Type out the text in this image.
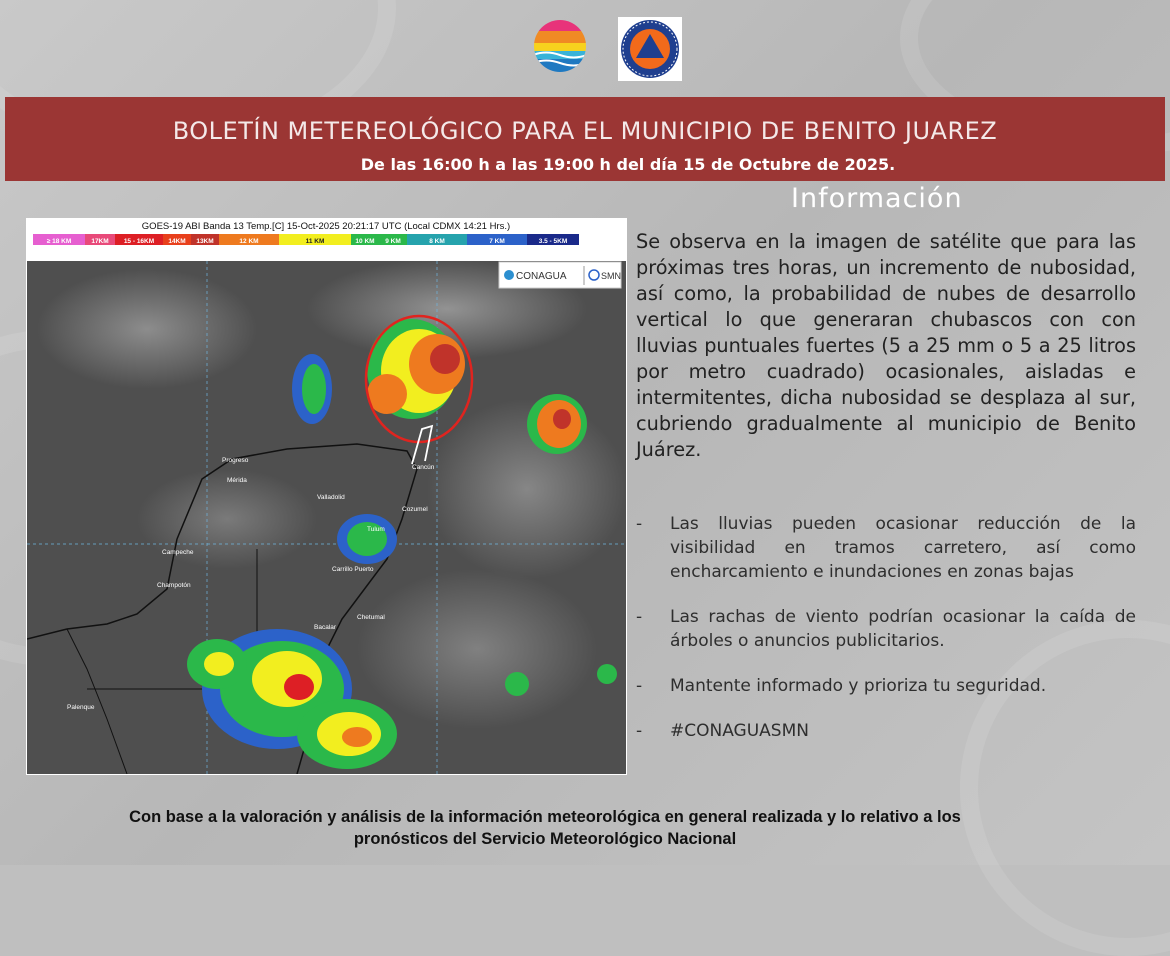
BOLETÍN METEREOLÓGICO PARA EL MUNICIPIO DE BENITO JUAREZ
De las 16:00 h a las 19:00 h del día 15 de Octubre de 2025.
GOES-19 ABI Banda 13 Temp.[C] 15-Oct-2025 20:21:17 UTC (Local CDMX 14:21 Hrs.)
≥ 18 KM	17KM 15 - 16KM 14KM 13KM	12 KM	11 KM	10 KM 9 KM	8 KM	7 KM	3.5 - 5KM
CONAGUA	SMN
Progreso
Mérida
Valladolid
Cancún
Cozumel
Tulum
Campeche
Champotón
Carrillo Puerto
Bacalar
Chetumal
Palenque
Información
Se observa en la imagen de satélite que para las próximas tres horas, un incremento de nubosidad, así como, la probabilidad de nubes de desarrollo vertical lo que generaran chubascos con con lluvias puntuales fuertes (5 a 25 mm o 5 a 25 litros por metro cuadrado) ocasionales, aisladas e intermitentes, dicha nubosidad se desplaza al sur, cubriendo gradualmente al municipio de Benito Juárez.
- Las lluvias pueden ocasionar reducción de la visibilidad en tramos carretero, así como encharcamiento e inundaciones en zonas bajas
- Las rachas de viento podrían ocasionar la caída de árboles o anuncios publicitarios.
- Mantente informado y prioriza tu seguridad.
- #CONAGUASMN
Con base a la valoración y análisis de la información meteorológica en general realizada y lo relativo a los
pronósticos del Servicio Meteorológico Nacional
